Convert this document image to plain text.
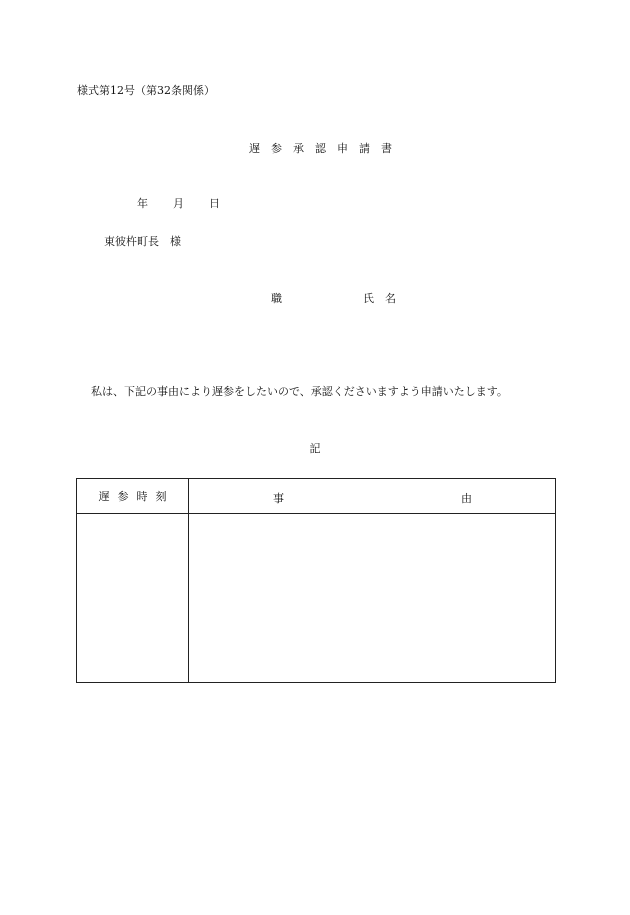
様式第12号（第32条関係）
遅参承認申請書
年 月 日
東彼杵町長　様
職	氏名
私は、下記の事由により遅参をしたいので、承認くださいますよう申請いたします。
記
遅参時刻	事 由
